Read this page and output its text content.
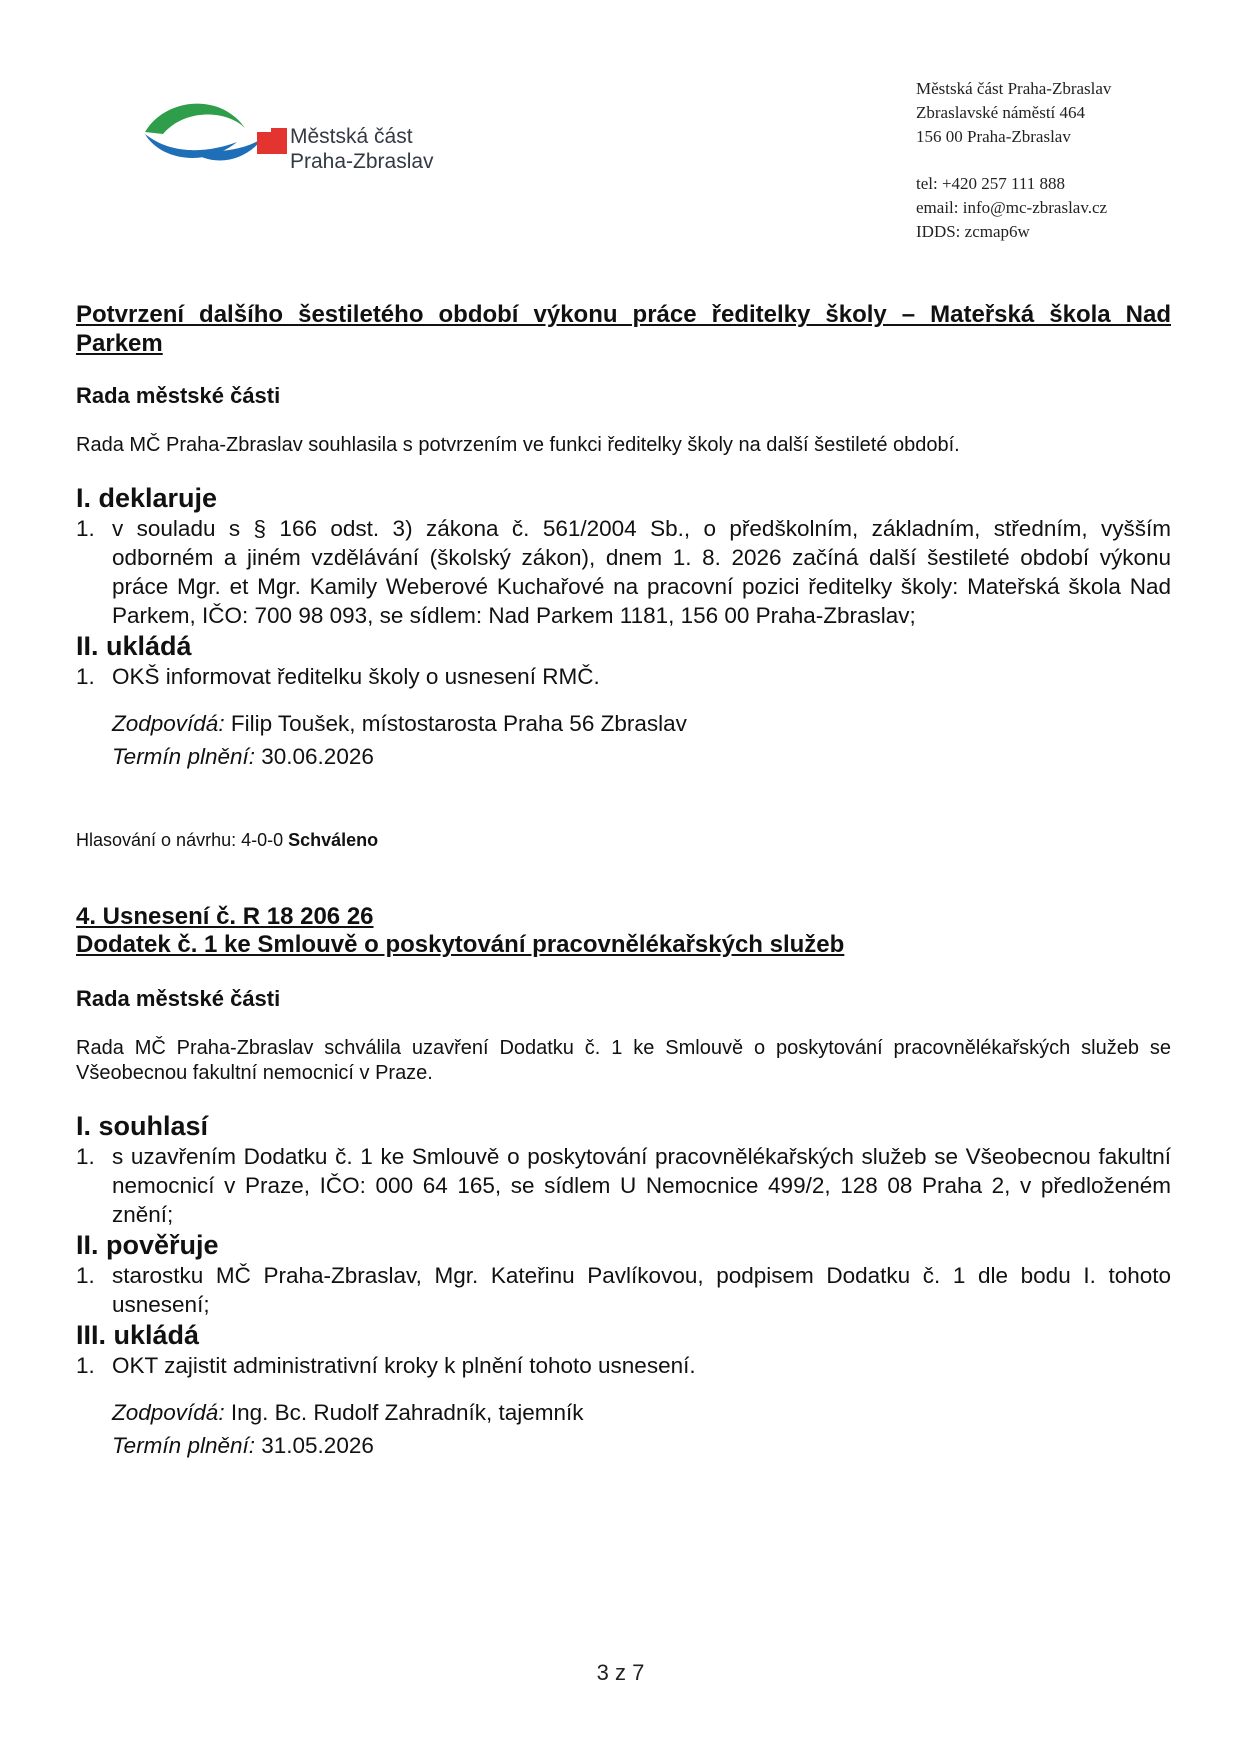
Městská část
Praha-Zbraslav
Městská část Praha-Zbraslav
Zbraslavské náměstí 464
156 00 Praha-Zbraslav
tel: +420 257 111 888
email: info@mc-zbraslav.cz
IDDS: zcmap6w

Potvrzení dalšího šestiletého období výkonu práce ředitelky školy – Mateřská škola Nad Parkem

Rada městské části

Rada MČ Praha-Zbraslav souhlasila s potvrzením ve funkci ředitelky školy na další šestileté období.

I. deklaruje

1. v souladu s § 166 odst. 3) zákona č. 561/2004 Sb., o předškolním, základním, středním, vyšším odborném a jiném vzdělávání (školský zákon), dnem 1. 8. 2026 začíná další šestileté období výkonu práce Mgr. et Mgr. Kamily Weberové Kuchařové na pracovní pozici ředitelky školy: Mateřská škola Nad Parkem, IČO: 700 98 093, se sídlem: Nad Parkem 1181, 156 00 Praha-Zbraslav;

II. ukládá

1. OKŠ informovat ředitelku školy o usnesení RMČ.
Zodpovídá: Filip Toušek, místostarosta Praha 56 Zbraslav
Termín plnění: 30.06.2026
Hlasování o návrhu: 4-0-0 Schváleno

4. Usnesení č. R 18 206 26

Dodatek č. 1 ke Smlouvě o poskytování pracovnělékařských služeb

Rada městské části

Rada MČ Praha-Zbraslav schválila uzavření Dodatku č. 1 ke Smlouvě o poskytování pracovnělékařských služeb se Všeobecnou fakultní nemocnicí v Praze.

I. souhlasí

1. s uzavřením Dodatku č. 1 ke Smlouvě o poskytování pracovnělékařských služeb se Všeobecnou fakultní nemocnicí v Praze, IČO: 000 64 165, se sídlem U Nemocnice 499/2, 128 08 Praha 2, v předloženém znění;

II. pověřuje

1. starostku MČ Praha-Zbraslav, Mgr. Kateřinu Pavlíkovou, podpisem Dodatku č. 1 dle bodu I. tohoto usnesení;

III. ukládá

1. OKT zajistit administrativní kroky k plnění tohoto usnesení.
Zodpovídá: Ing. Bc. Rudolf Zahradník, tajemník
Termín plnění: 31.05.2026
3 z 7
